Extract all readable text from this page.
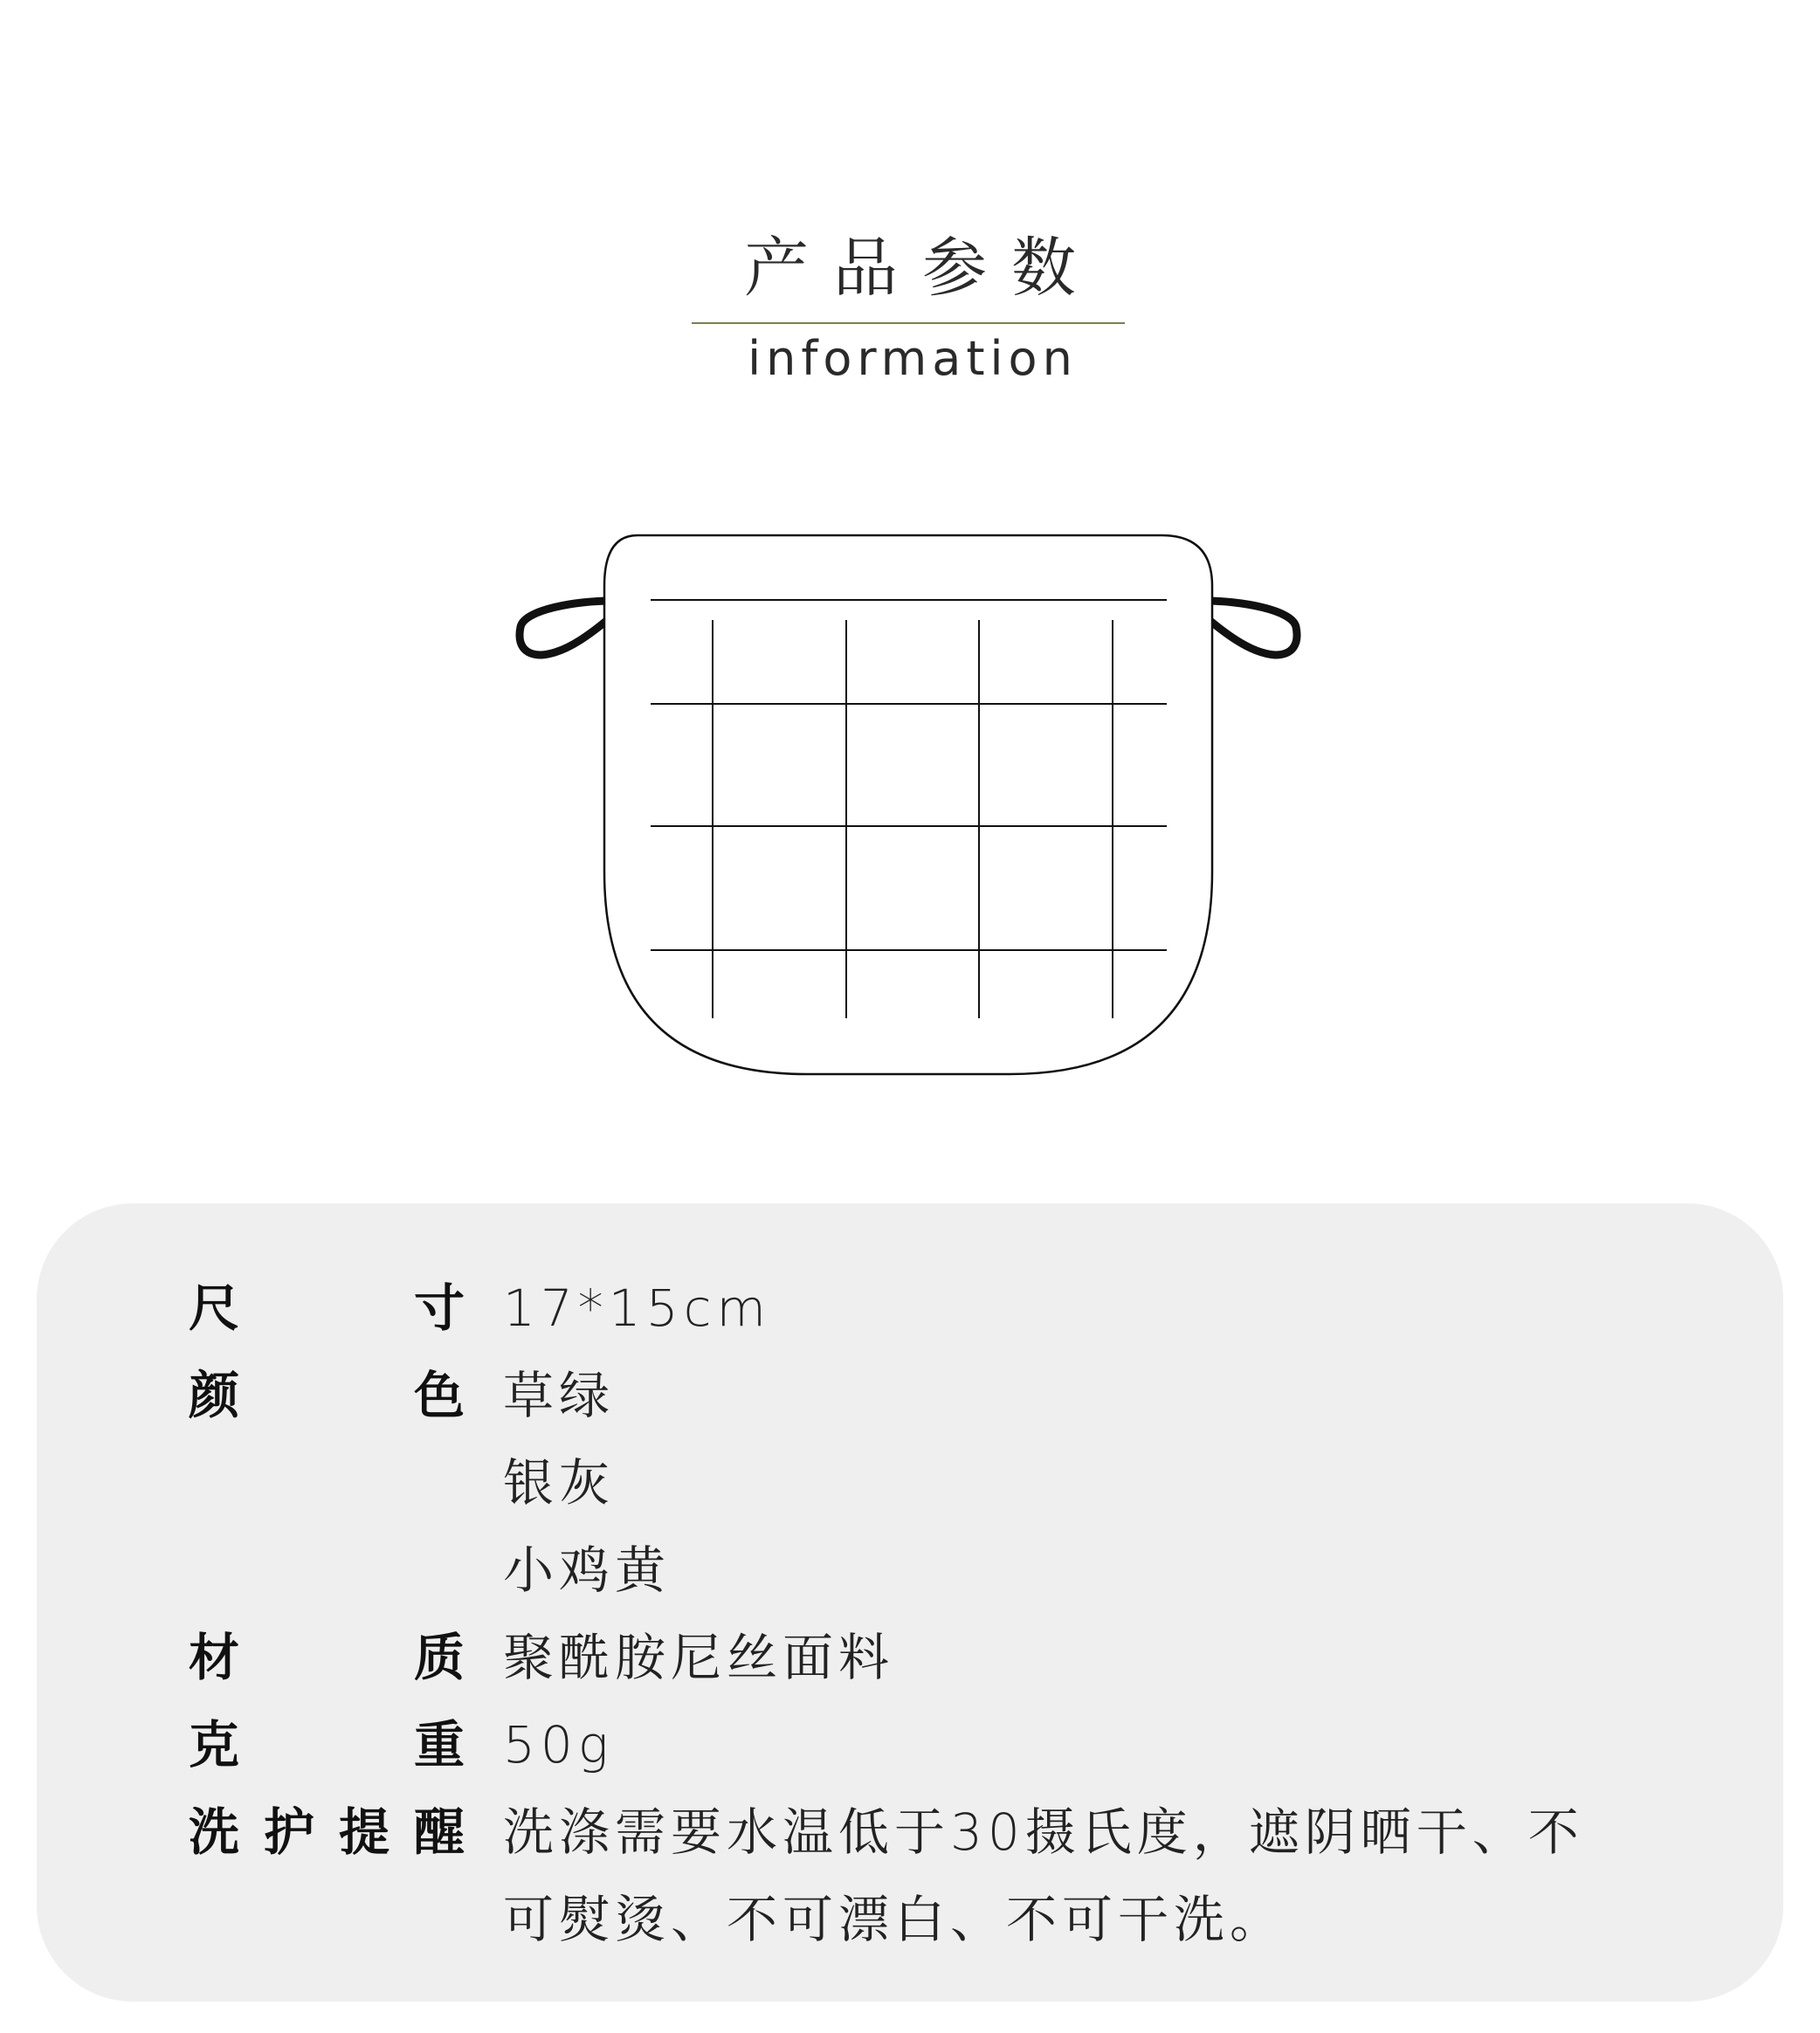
产品参数
information
尺寸 17*15cm
颜色 草绿
银灰
小鸡黄
材质 聚酰胺尼丝面料
克重 50g
洗护提醒 洗涤需要水温低于30摄氏度，遮阴晒干、不
可熨烫、不可漂白、不可干洗。
